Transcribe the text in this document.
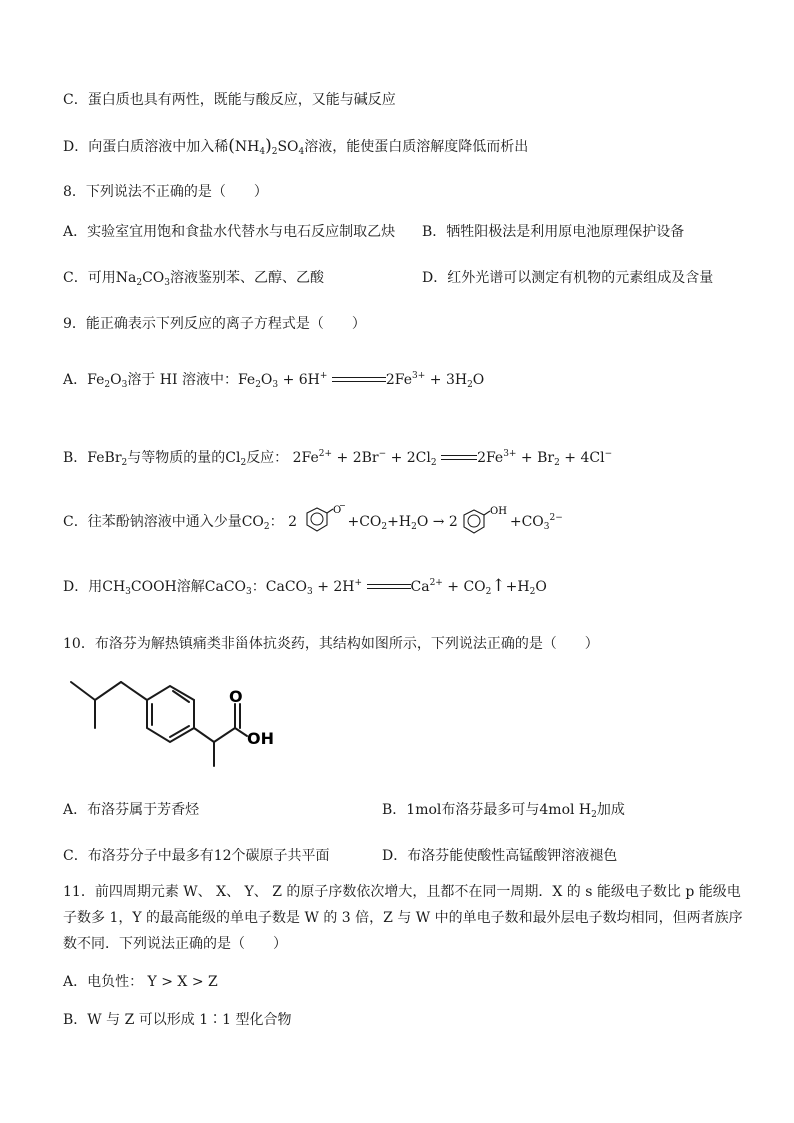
C．蛋白质也具有两性，既能与酸反应，又能与碱反应
D．向蛋白质溶液中加入稀$(NH_4)_2SO_4$溶液，能使蛋白质溶解度降低而析出
8．下列说法不正确的是（　　）
A．实验室宜用饱和食盐水代替水与电石反应制取乙炔 B．牺牲阳极法是利用原电池原理保护设备
C．可用$Na_2CO_3$溶液鉴别苯、乙醇、乙酸	D．红外光谱可以测定有机物的元素组成及含量
9．能正确表示下列反应的离子方程式是（　　）
A．$Fe_2O_3$溶于 HI 溶液中：$Fe_2O_3 + 6H^+$	$2Fe^{3+} + 3H_2O$
B．FeBr$_2$与等物质的量的$Cl_2$反应： $2Fe^{2+} + 2Br^- + 2Cl_2$	$2Fe^{3+} + Br_2 + 4Cl^-$
C．往苯酚钠溶液中通入少量$CO_2$： 2
O
−
$+CO_2+H_2O \to 2$
OH
$+CO_3^{2-}$
D．用$CH_3COOH$溶解CaCO$_3$：CaCO$_3$ + 2H+	$Ca^{2+}$ + $CO_2↑+H_2O$
10．布洛芬为解热镇痛类非甾体抗炎药，其结构如图所示，下列说法正确的是（　　）
O
OH
A．布洛芬属于芳香烃	B．1mol布洛芬最多可与4mol $H_2$加成
C．布洛芬分子中最多有12个碳原子共平面	D．布洛芬能使酸性高锰酸钾溶液褪色
11．前四周期元素 W、 X、 Y、 Z 的原子序数依次增大，且都不在同一周期．X 的 s 能级电子数比 p 能级电
子数多 1，Y 的最高能级的单电子数是 W 的 3 倍，Z 与 W 中的单电子数和最外层电子数均相同，但两者族序
数不同．下列说法正确的是（　　）
A．电负性： Y > X > Z
B．W 与 Z 可以形成 1∶1 型化合物
